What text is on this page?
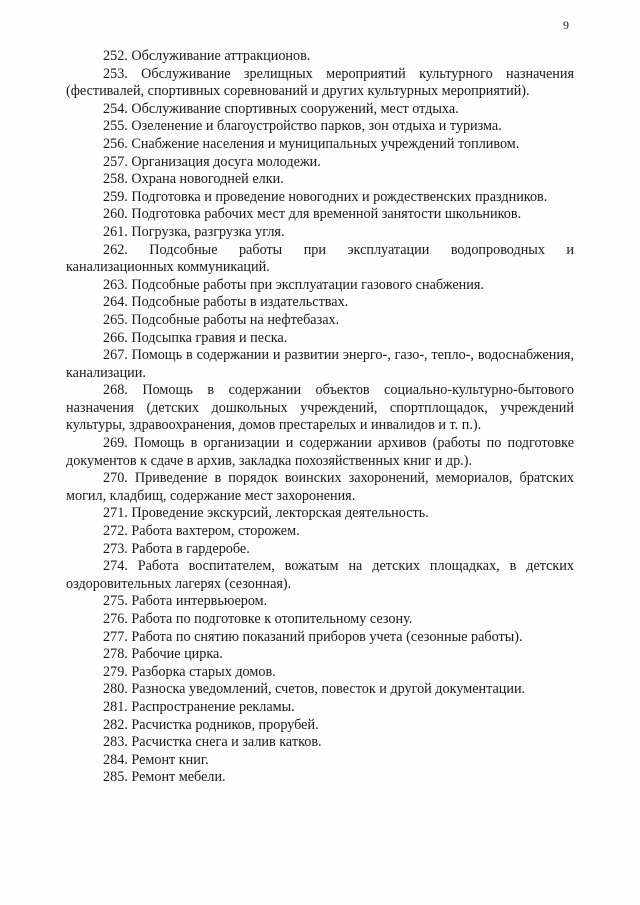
9

252. Обслуживание аттракционов.

253. Обслуживание зрелищных мероприятий культурного назначения (фестивалей, спортивных соревнований и других культурных мероприятий).

254. Обслуживание спортивных сооружений, мест отдыха.

255. Озеленение и благоустройство парков, зон отдыха и туризма.

256. Снабжение населения и муниципальных учреждений топливом.

257. Организация досуга молодежи.

258. Охрана новогодней елки.

259. Подготовка и проведение новогодних и рождественских праздников.

260. Подготовка рабочих мест для временной занятости школьников.

261. Погрузка, разгрузка угля.

262. Подсобные работы при эксплуатации водопроводных и канализационных коммуникаций.

263. Подсобные работы при эксплуатации газового снабжения.

264. Подсобные работы в издательствах.

265. Подсобные работы на нефтебазах.

266. Подсыпка гравия и песка.

267. Помощь в содержании и развитии энерго-, газо-, тепло-, водоснабжения, канализации.

268. Помощь в содержании объектов социально-культурно-бытового назначения (детских дошкольных учреждений, спортплощадок, учреждений культуры, здравоохранения, домов престарелых и инвалидов и т. п.).

269. Помощь в организации и содержании архивов (работы по подготовке документов к сдаче в архив, закладка похозяйственных книг и др.).

270. Приведение в порядок воинских захоронений, мемориалов, братских могил, кладбищ, содержание мест захоронения.

271. Проведение экскурсий, лекторская деятельность.

272. Работа вахтером, сторожем.

273. Работа в гардеробе.

274. Работа воспитателем, вожатым на детских площадках, в детских оздоровительных лагерях (сезонная).

275. Работа интервьюером.

276. Работа по подготовке к отопительному сезону.

277. Работа по снятию показаний приборов учета (сезонные работы).

278. Рабочие цирка.

279. Разборка старых домов.

280. Разноска уведомлений, счетов, повесток и другой документации.

281. Распространение рекламы.

282. Расчистка родников, прорубей.

283. Расчистка снега и залив катков.

284. Ремонт книг.

285. Ремонт мебели.
